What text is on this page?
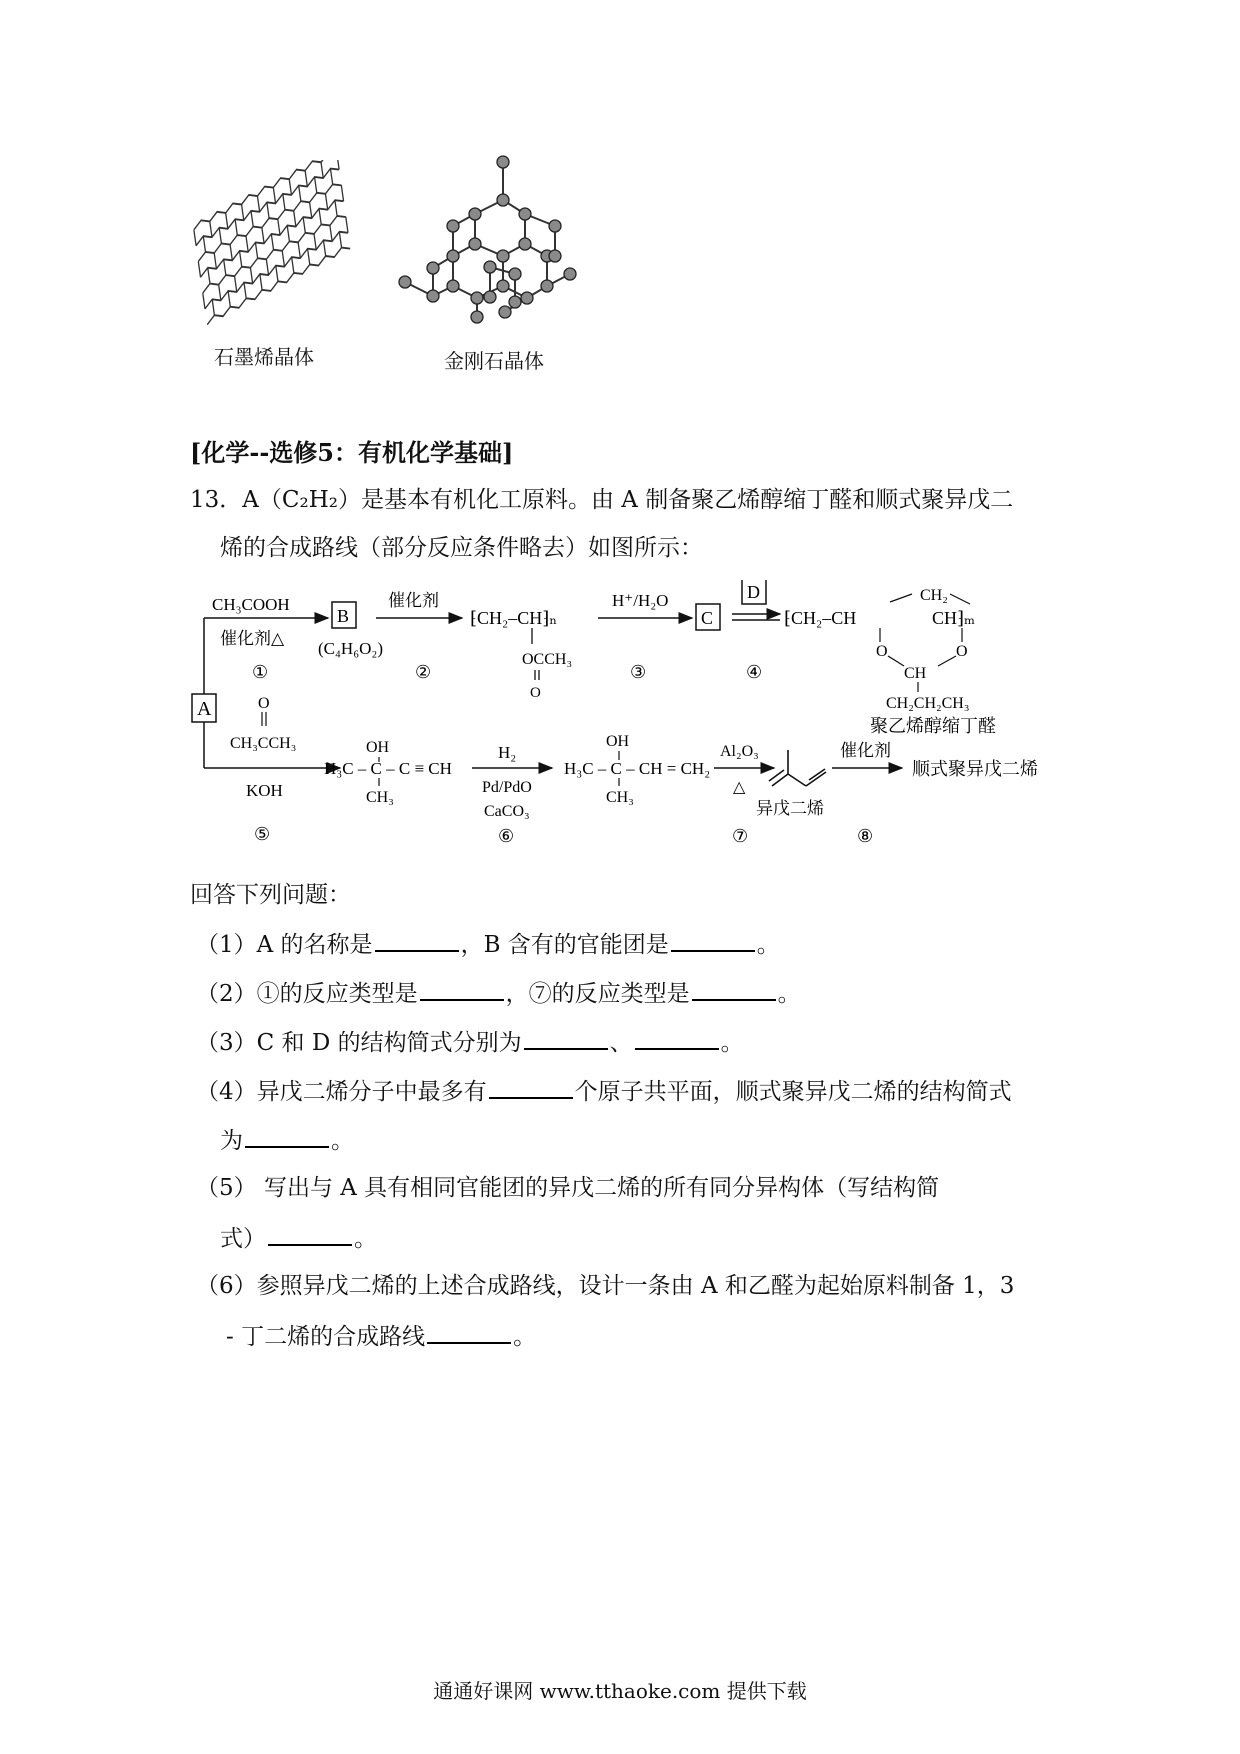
石墨烯晶体	金刚石晶体
[化学--选修5：有机化学基础]
13．A（C₂H₂）是基本有机化工原料。由 A 制备聚乙烯醇缩丁醛和顺式聚异戊二
烯的合成路线（部分反应条件略去）如图所示：
A
CH₃COOH
催化剂△
①
B
(C₄H₆O₂)
催化剂
②
⁅CH₂‒CH⁆ₙ
OCCH₃
O
H⁺/H₂O
③
C
D
④
CH₂
⁅CH₂‒CH	CH⁆ₘ
O	O
CH
CH₂CH₂CH₃
聚乙烯醇缩丁醛
O
CH₃CCH₃
KOH
⑤
OH
H₃C ‒ C ‒ C ≡ CH
CH₃
H₂
Pd/PdO
CaCO₃
⑥
OH
H₃C ‒ C ‒ CH = CH₂
CH₃
Al₂O₃
△
⑦
异戊二烯
催化剂
⑧
顺式聚异戊二烯
回答下列问题：
（1）A 的名称是	，B 含有的官能团是	。
（2）①的反应类型是	，⑦的反应类型是	。
（3）C 和 D 的结构简式分别为	、	。
（4）异戊二烯分子中最多有	个原子共平面，顺式聚异戊二烯的结构简式
为	。
（5） 写出与 A 具有相同官能团的异戊二烯的所有同分异构体（写结构简
式）	。
（6）参照异戊二烯的上述合成路线，设计一条由 A 和乙醛为起始原料制备 1，3
- 丁二烯的合成路线	。
通通好课网 www.tthaoke.com 提供下载
